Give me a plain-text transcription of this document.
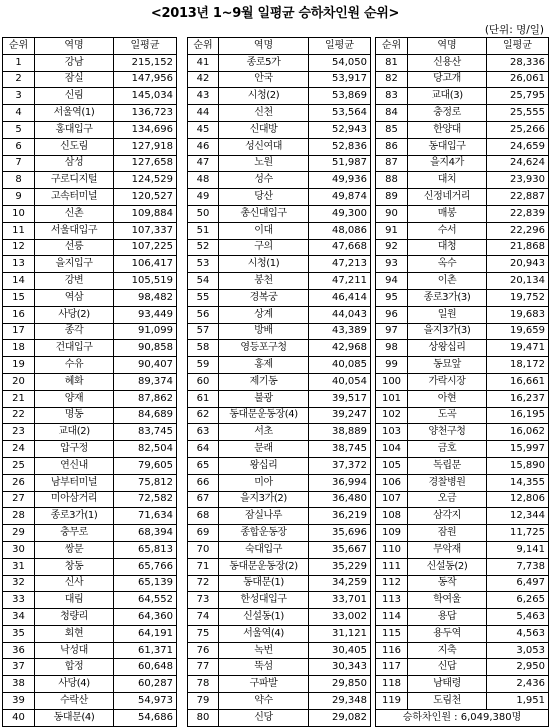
<2013년 1~9월 일평균 승하차인원 순위>
(단위: 명/일)
순위	역명	일평균
1	강남	215,152
2	잠실	147,956
3	신림	145,034
4	서울역(1)	136,723
5	홍대입구	134,696
6	신도림	127,918
7	삼성	127,658
8	구로디지털	124,529
9	고속터미널	120,527
10	신촌	109,884
11	서울대입구	107,337
12	선릉	107,225
13	을지입구	106,417
14	강변	105,519
15	역삼	98,482
16	사당(2)	93,449
17	종각	91,099
18	건대입구	90,858
19	수유	90,407
20	혜화	89,374
21	양재	87,862
22	명동	84,689
23	교대(2)	83,745
24	압구정	82,504
25	연신내	79,605
26	남부터미널	75,812
27	미아삼거리	72,582
28	종로3가(1)	71,634
29	충무로	68,394
30	쌍문	65,813
31	창동	65,766
32	신사	65,139
33	대림	64,552
34	청량리	64,360
35	회현	64,191
36	낙성대	61,371
37	합정	60,648
38	사당(4)	60,287
39	수락산	54,973
40	동대문(4)	54,686
순위	역명	일평균
41	종로5가	54,050
42	안국	53,917
43	시청(2)	53,869
44	신천	53,564
45	신대방	52,943
46	성신여대	52,836
47	노원	51,987
48	성수	49,936
49	당산	49,874
50	총신대입구	49,300
51	이대	48,086
52	구의	47,668
53	시청(1)	47,213
54	봉천	47,211
55	경복궁	46,414
56	상계	44,043
57	방배	43,389
58	영등포구청	42,968
59	홍제	40,085
60	제기동	40,054
61	불광	39,517
62	동대문운동장(4)	39,247
63	서초	38,889
64	문래	38,745
65	왕십리	37,372
66	미아	36,994
67	을지3가(2)	36,480
68	잠실나루	36,219
69	종합운동장	35,696
70	숙대입구	35,667
71	동대문운동장(2)	35,229
72	동대문(1)	34,259
73	한성대입구	33,701
74	신설동(1)	33,002
75	서울역(4)	31,121
76	녹번	30,405
77	뚝섬	30,343
78	구파발	29,850
79	약수	29,348
80	신당	29,082
순위	역명	일평균
81	신용산	28,336
82	당고개	26,061
83	교대(3)	25,795
84	충정로	25,555
85	한양대	25,266
86	동대입구	24,659
87	을지4가	24,624
88	대치	23,930
89	신정네거리	22,887
90	매봉	22,839
91	수서	22,296
92	대청	21,868
93	옥수	20,943
94	이촌	20,134
95	종로3가(3)	19,752
96	일원	19,683
97	을지3가(3)	19,659
98	상왕십리	19,471
99	동묘앞	18,172
100	가락시장	16,661
101	아현	16,237
102	도곡	16,195
103	양천구청	16,062
104	금호	15,997
105	독립문	15,890
106	경찰병원	14,355
107	오금	12,806
108	삼각지	12,344
109	잠원	11,725
110	무악재	9,141
111	신설동(2)	7,738
112	동작	6,497
113	학여울	6,265
114	용답	5,463
115	용두역	4,563
116	지축	3,053
117	신답	2,950
118	남태령	2,436
119	도림천	1,951
승하차인원 : 6,049,380명		
